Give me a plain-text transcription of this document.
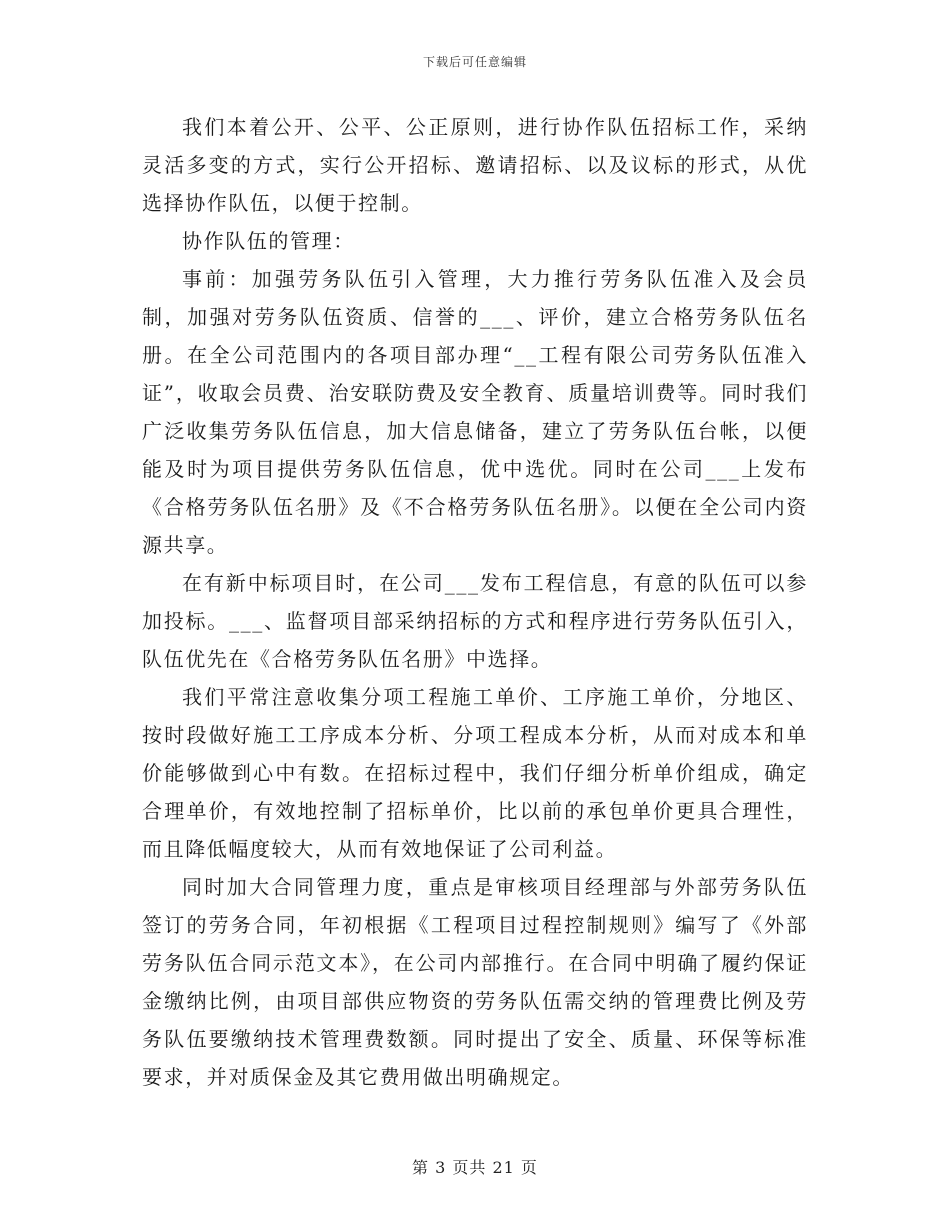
下载后可任意编辑

我们本着公开、公平、公正原则，进行协作队伍招标工作，采纳灵活多变的方式，实行公开招标、邀请招标、以及议标的形式，从优选择协作队伍，以便于控制。

协作队伍的管理：

事前：加强劳务队伍引入管理，大力推行劳务队伍准入及会员制，加强对劳务队伍资质、信誉的___、评价，建立合格劳务队伍名册。在全公司范围内的各项目部办理“__工程有限公司劳务队伍准入证”，收取会员费、治安联防费及安全教育、质量培训费等。同时我们广泛收集劳务队伍信息，加大信息储备，建立了劳务队伍台帐，以便能及时为项目提供劳务队伍信息，优中选优。同时在公司___上发布《合格劳务队伍名册》及《不合格劳务队伍名册》。以便在全公司内资源共享。

在有新中标项目时，在公司___发布工程信息，有意的队伍可以参加投标。___、监督项目部采纳招标的方式和程序进行劳务队伍引入，队伍优先在《合格劳务队伍名册》中选择。

我们平常注意收集分项工程施工单价、工序施工单价，分地区、按时段做好施工工序成本分析、分项工程成本分析，从而对成本和单价能够做到心中有数。在招标过程中，我们仔细分析单价组成，确定合理单价，有效地控制了招标单价，比以前的承包单价更具合理性，而且降低幅度较大，从而有效地保证了公司利益。

同时加大合同管理力度，重点是审核项目经理部与外部劳务队伍签订的劳务合同，年初根据《工程项目过程控制规则》编写了《外部劳务队伍合同示范文本》，在公司内部推行。在合同中明确了履约保证金缴纳比例，由项目部供应物资的劳务队伍需交纳的管理费比例及劳务队伍要缴纳技术管理费数额。同时提出了安全、质量、环保等标准要求，并对质保金及其它费用做出明确规定。

第 3 页共 21 页
